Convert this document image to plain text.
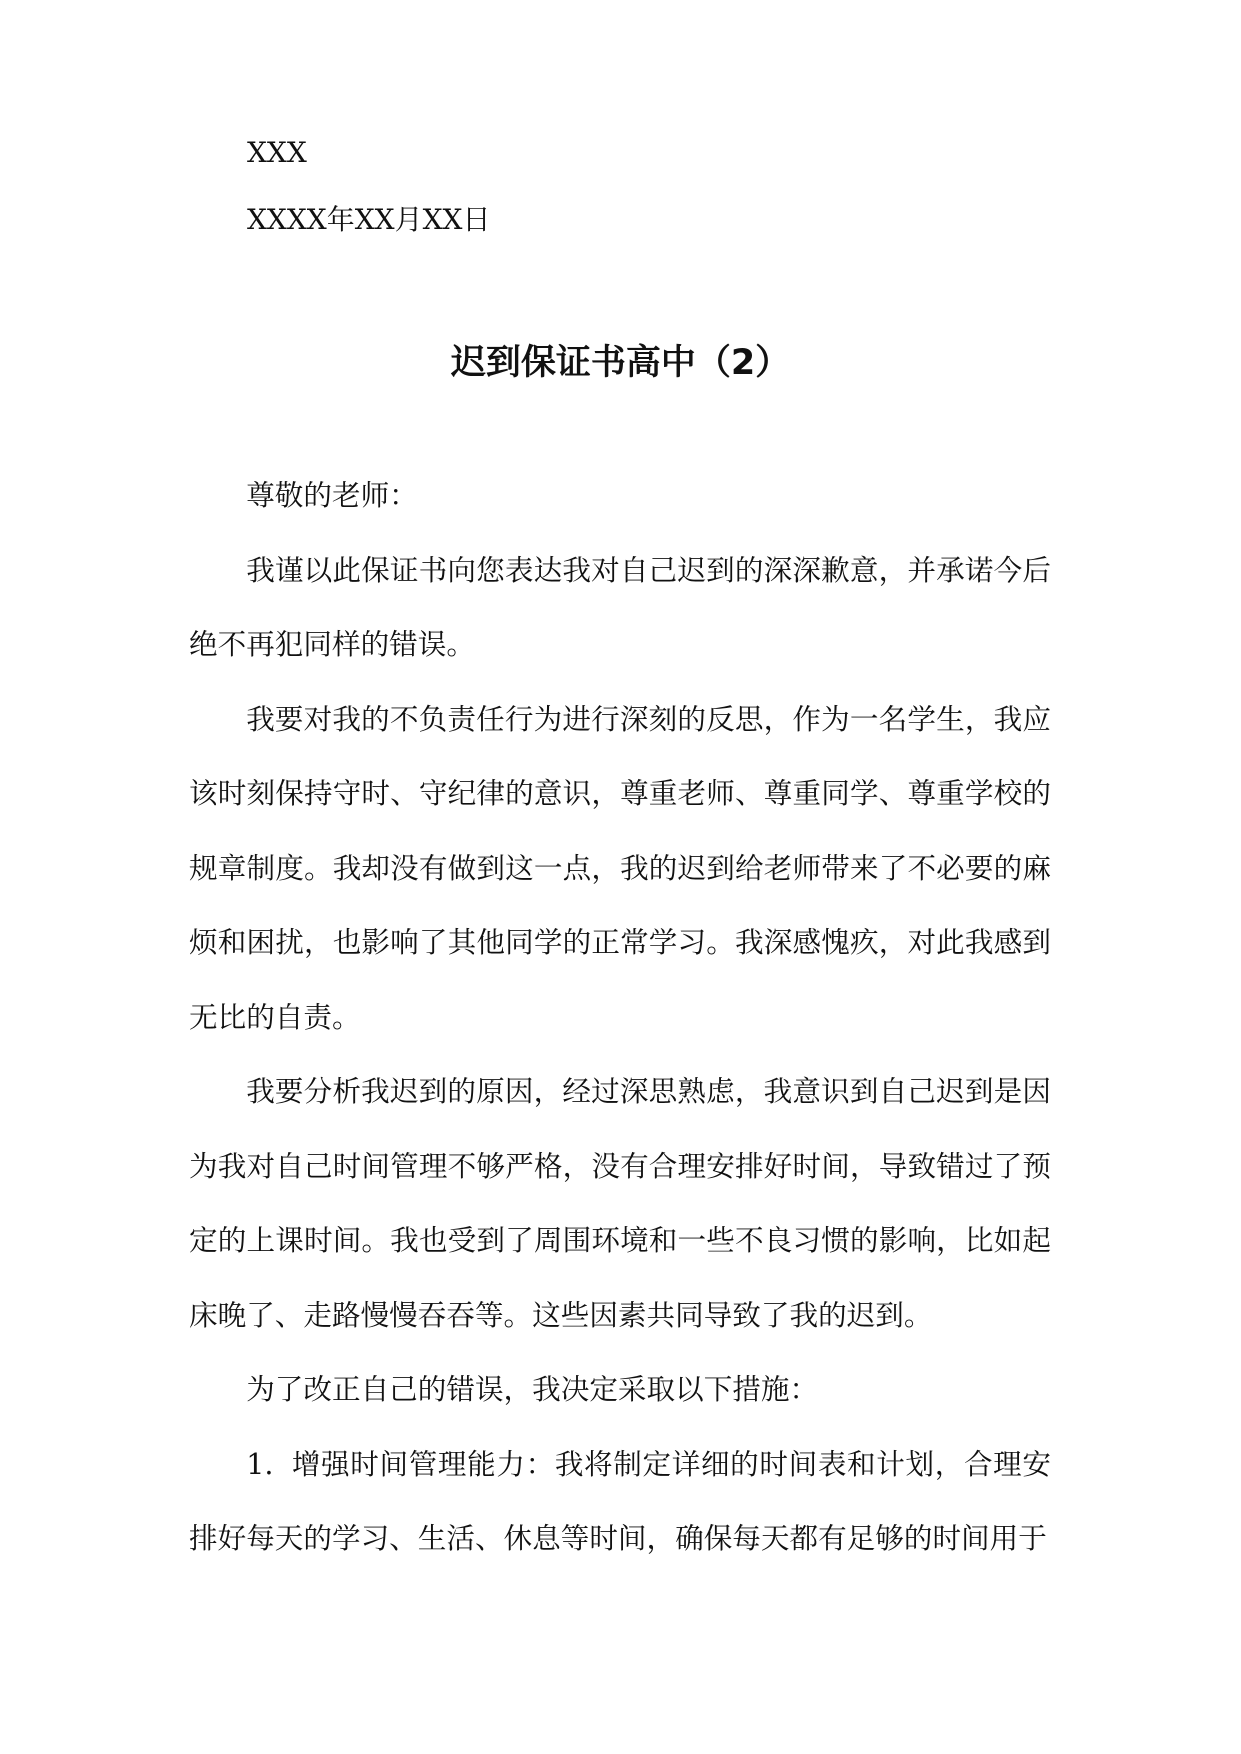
XXX
XXXX年XX月XX日
迟到保证书高中（2）

尊敬的老师：

我谨以此保证书向您表达我对自己迟到的深深歉意，并承诺今后绝不再犯同样的错误。

我要对我的不负责任行为进行深刻的反思，作为一名学生，我应该时刻保持守时、守纪律的意识，尊重老师、尊重同学、尊重学校的规章制度。我却没有做到这一点，我的迟到给老师带来了不必要的麻烦和困扰，也影响了其他同学的正常学习。我深感愧疚，对此我感到无比的自责。

我要分析我迟到的原因，经过深思熟虑，我意识到自己迟到是因为我对自己时间管理不够严格，没有合理安排好时间，导致错过了预定的上课时间。我也受到了周围环境和一些不良习惯的影响，比如起床晚了、走路慢慢吞吞等。这些因素共同导致了我的迟到。

为了改正自己的错误，我决定采取以下措施：

1. 增强时间管理能力：我将制定详细的时间表和计划，合理安排好每天的学习、生活、休息等时间，确保每天都有足够的时间用于
